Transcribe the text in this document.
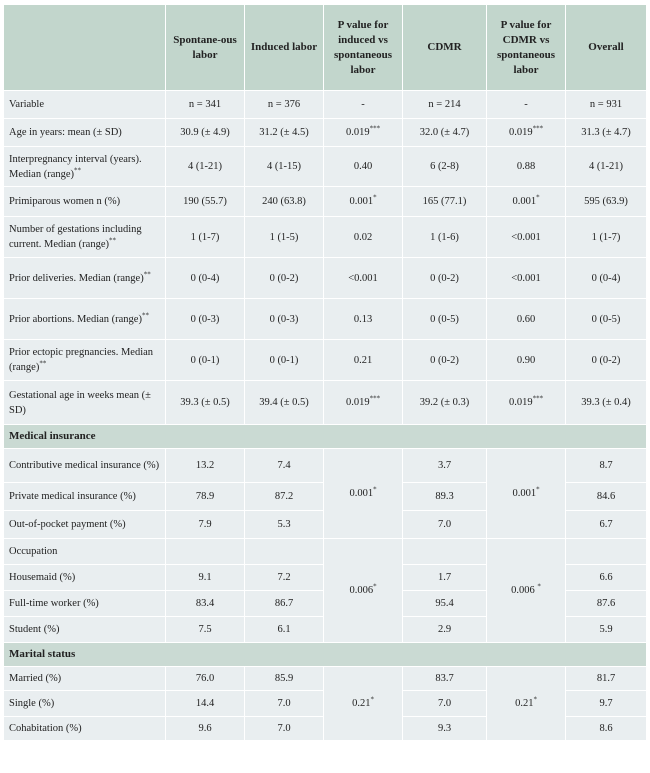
	Spontane-ous labor	Induced labor	P value for induced vs spontaneous labor	CDMR	P value for CDMR vs spontaneous labor	Overall
Variable	n = 341	n = 376	-	n = 214	-	n = 931
Age in years: mean (± SD)	30.9 (± 4.9)	31.2 (± 4.5)	0.019***	32.0 (± 4.7)	0.019***	31.3 (± 4.7)
Interpregnancy interval (years). Median (range)**	4 (1-21)	4 (1-15)	0.40	6 (2-8)	0.88	4 (1-21)
Primiparous women n (%)	190 (55.7)	240 (63.8)	0.001*	165 (77.1)	0.001*	595 (63.9)
Number of gestations including current. Median (range)**	1 (1-7)	1 (1-5)	0.02	1 (1-6)	<0.001	1 (1-7)
Prior deliveries. Median (range)**	0 (0-4)	0 (0-2)	<0.001	0 (0-2)	<0.001	0 (0-4)
Prior abortions. Median (range)**	0 (0-3)	0 (0-3)	0.13	0 (0-5)	0.60	0 (0-5)
Prior ectopic pregnancies. Median (range)**	0 (0-1)	0 (0-1)	0.21	0 (0-2)	0.90	0 (0-2)
Gestational age in weeks mean (± SD)	39.3 (± 0.5)	39.4 (± 0.5)	0.019***	39.2 (± 0.3)	0.019***	39.3 (± 0.4)
Medical insurance						
Contributive medical insurance (%)	13.2	7.4	0.001*	3.7	0.001*	8.7
Private medical insurance (%)	78.9	87.2		89.3		84.6
Out-of-pocket payment (%)	7.9	5.3		7.0		6.7
Occupation			0.006*		0.006 *	
Housemaid (%)	9.1	7.2		1.7		6.6
Full-time worker (%)	83.4	86.7		95.4		87.6
Student (%)	7.5	6.1		2.9		5.9
Marital status						
Married (%)	76.0	85.9	0.21*	83.7	0.21*	81.7
Single (%)	14.4	7.0		7.0		9.7
Cohabitation (%)	9.6	7.0		9.3		8.6
